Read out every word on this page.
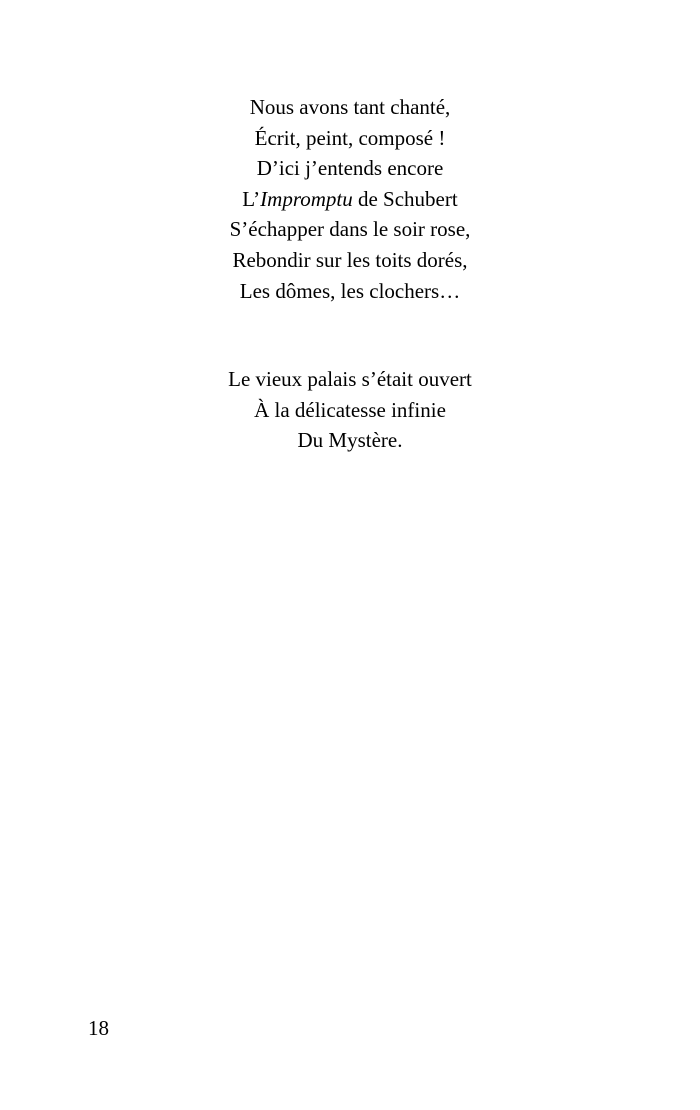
Nous avons tant chanté,
Écrit, peint, composé !
D’ici j’entends encore
L’Impromptu de Schubert
S’échapper dans le soir rose,
Rebondir sur les toits dorés,
Les dômes, les clochers…
Le vieux palais s’était ouvert
À la délicatesse infinie
Du Mystère.
18
